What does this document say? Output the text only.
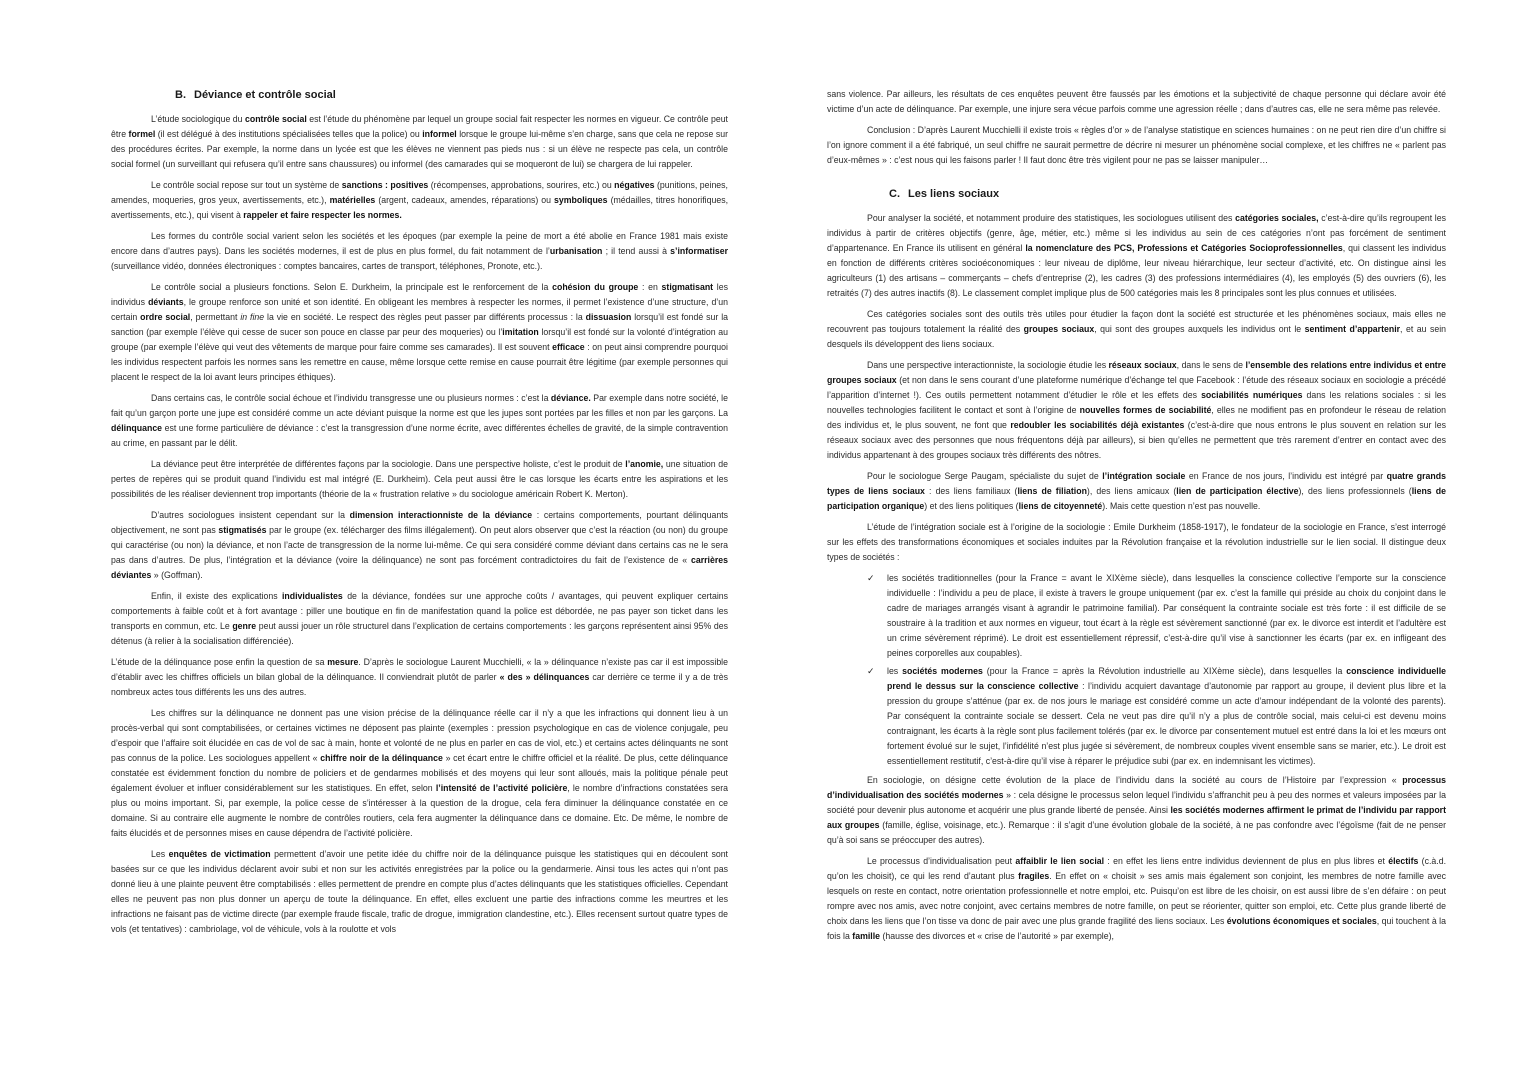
B. Déviance et contrôle social

L’étude sociologique du contrôle social est l’étude du phénomène par lequel un groupe social fait respecter les normes en vigueur. Ce contrôle peut être formel (il est délégué à des institutions spécialisées telles que la police) ou informel lorsque le groupe lui-même s’en charge, sans que cela ne repose sur des procédures écrites. Par exemple, la norme dans un lycée est que les élèves ne viennent pas pieds nus : si un élève ne respecte pas cela, un contrôle social formel (un surveillant qui refusera qu’il entre sans chaussures) ou informel (des camarades qui se moqueront de lui) se chargera de lui rappeler.

Le contrôle social repose sur tout un système de sanctions : positives (récompenses, approbations, sourires, etc.) ou négatives (punitions, peines, amendes, moqueries, gros yeux, avertissements, etc.), matérielles (argent, cadeaux, amendes, réparations) ou symboliques (médailles, titres honorifiques, avertissements, etc.), qui visent à rappeler et faire respecter les normes.

Les formes du contrôle social varient selon les sociétés et les époques (par exemple la peine de mort a été abolie en France 1981 mais existe encore dans d’autres pays). Dans les sociétés modernes, il est de plus en plus formel, du fait notamment de l’urbanisation ; il tend aussi à s’informatiser (surveillance vidéo, données électroniques : comptes bancaires, cartes de transport, téléphones, Pronote, etc.).

Le contrôle social a plusieurs fonctions. Selon E. Durkheim, la principale est le renforcement de la cohésion du groupe : en stigmatisant les individus déviants, le groupe renforce son unité et son identité. En obligeant les membres à respecter les normes, il permet l’existence d’une structure, d’un certain ordre social, permettant in fine la vie en société. Le respect des règles peut passer par différents processus : la dissuasion lorsqu’il est fondé sur la sanction (par exemple l’élève qui cesse de sucer son pouce en classe par peur des moqueries) ou l’imitation lorsqu’il est fondé sur la volonté d’intégration au groupe (par exemple l’élève qui veut des vêtements de marque pour faire comme ses camarades). Il est souvent efficace : on peut ainsi comprendre pourquoi les individus respectent parfois les normes sans les remettre en cause, même lorsque cette remise en cause pourrait être légitime (par exemple personnes qui placent le respect de la loi avant leurs principes éthiques).

Dans certains cas, le contrôle social échoue et l’individu transgresse une ou plusieurs normes : c’est la déviance. Par exemple dans notre société, le fait qu’un garçon porte une jupe est considéré comme un acte déviant puisque la norme est que les jupes sont portées par les filles et non par les garçons. La délinquance est une forme particulière de déviance : c’est la transgression d’une norme écrite, avec différentes échelles de gravité, de la simple contravention au crime, en passant par le délit.

La déviance peut être interprétée de différentes façons par la sociologie. Dans une perspective holiste, c’est le produit de l’anomie, une situation de pertes de repères qui se produit quand l’individu est mal intégré (E. Durkheim). Cela peut aussi être le cas lorsque les écarts entre les aspirations et les possibilités de les réaliser deviennent trop importants (théorie de la « frustration relative » du sociologue américain Robert K. Merton).

D’autres sociologues insistent cependant sur la dimension interactionniste de la déviance : certains comportements, pourtant délinquants objectivement, ne sont pas stigmatisés par le groupe (ex. télécharger des films illégalement). On peut alors observer que c’est la réaction (ou non) du groupe qui caractérise (ou non) la déviance, et non l’acte de transgression de la norme lui-même. Ce qui sera considéré comme déviant dans certains cas ne le sera pas dans d’autres. De plus, l’intégration et la déviance (voire la délinquance) ne sont pas forcément contradictoires du fait de l’existence de « carrières déviantes » (Goffman).

Enfin, il existe des explications individualistes de la déviance, fondées sur une approche coûts / avantages, qui peuvent expliquer certains comportements à faible coût et à fort avantage : piller une boutique en fin de manifestation quand la police est débordée, ne pas payer son ticket dans les transports en commun, etc. Le genre peut aussi jouer un rôle structurel dans l’explication de certains comportements : les garçons représentent ainsi 95% des détenus (à relier à la socialisation différenciée).

L’étude de la délinquance pose enfin la question de sa mesure. D’après le sociologue Laurent Mucchielli, « la » délinquance n’existe pas car il est impossible d’établir avec les chiffres officiels un bilan global de la délinquance. Il conviendrait plutôt de parler « des » délinquances car derrière ce terme il y a de très nombreux actes tous différents les uns des autres.

Les chiffres sur la délinquance ne donnent pas une vision précise de la délinquance réelle car il n’y a que les infractions qui donnent lieu à un procès-verbal qui sont comptabilisées, or certaines victimes ne déposent pas plainte (exemples : pression psychologique en cas de violence conjugale, peu d’espoir que l’affaire soit élucidée en cas de vol de sac à main, honte et volonté de ne plus en parler en cas de viol, etc.) et certains actes délinquants ne sont pas connus de la police. Les sociologues appellent « chiffre noir de la délinquance » cet écart entre le chiffre officiel et la réalité. De plus, cette délinquance constatée est évidemment fonction du nombre de policiers et de gendarmes mobilisés et des moyens qui leur sont alloués, mais la politique pénale peut également évoluer et influer considérablement sur les statistiques. En effet, selon l’intensité de l’activité policière, le nombre d’infractions constatées sera plus ou moins important. Si, par exemple, la police cesse de s’intéresser à la question de la drogue, cela fera diminuer la délinquance constatée en ce domaine. Si au contraire elle augmente le nombre de contrôles routiers, cela fera augmenter la délinquance dans ce domaine. Etc. De même, le nombre de faits élucidés et de personnes mises en cause dépendra de l’activité policière.

Les enquêtes de victimation permettent d’avoir une petite idée du chiffre noir de la délinquance puisque les statistiques qui en découlent sont basées sur ce que les individus déclarent avoir subi et non sur les activités enregistrées par la police ou la gendarmerie. Ainsi tous les actes qui n’ont pas donné lieu à une plainte peuvent être comptabilisés : elles permettent de prendre en compte plus d’actes délinquants que les statistiques officielles. Cependant elles ne peuvent pas non plus donner un aperçu de toute la délinquance. En effet, elles excluent une partie des infractions comme les meurtres et les infractions ne faisant pas de victime directe (par exemple fraude fiscale, trafic de drogue, immigration clandestine, etc.). Elles recensent surtout quatre types de vols (et tentatives) : cambriolage, vol de véhicule, vols à la roulotte et vols

sans violence. Par ailleurs, les résultats de ces enquêtes peuvent être faussés par les émotions et la subjectivité de chaque personne qui déclare avoir été victime d’un acte de délinquance. Par exemple, une injure sera vécue parfois comme une agression réelle ; dans d’autres cas, elle ne sera même pas relevée.

Conclusion : D’après Laurent Mucchielli il existe trois « règles d’or » de l’analyse statistique en sciences humaines : on ne peut rien dire d’un chiffre si l’on ignore comment il a été fabriqué, un seul chiffre ne saurait permettre de décrire ni mesurer un phénomène social complexe, et les chiffres ne « parlent pas d’eux-mêmes » : c’est nous qui les faisons parler ! Il faut donc être très vigilent pour ne pas se laisser manipuler…

C. Les liens sociaux

Pour analyser la société, et notamment produire des statistiques, les sociologues utilisent des catégories sociales, c’est-à-dire qu’ils regroupent les individus à partir de critères objectifs (genre, âge, métier, etc.) même si les individus au sein de ces catégories n’ont pas forcément de sentiment d’appartenance. En France ils utilisent en général la nomenclature des PCS, Professions et Catégories Socioprofessionnelles, qui classent les individus en fonction de différents critères socioéconomiques : leur niveau de diplôme, leur niveau hiérarchique, leur secteur d’activité, etc. On distingue ainsi les agriculteurs (1) des artisans – commerçants – chefs d’entreprise (2), les cadres (3) des professions intermédiaires (4), les employés (5) des ouvriers (6), les retraités (7) des autres inactifs (8). Le classement complet implique plus de 500 catégories mais les 8 principales sont les plus connues et utilisées.

Ces catégories sociales sont des outils très utiles pour étudier la façon dont la société est structurée et les phénomènes sociaux, mais elles ne recouvrent pas toujours totalement la réalité des groupes sociaux, qui sont des groupes auxquels les individus ont le sentiment d’appartenir, et au sein desquels ils développent des liens sociaux.

Dans une perspective interactionniste, la sociologie étudie les réseaux sociaux, dans le sens de l’ensemble des relations entre individus et entre groupes sociaux (et non dans le sens courant d’une plateforme numérique d’échange tel que Facebook : l’étude des réseaux sociaux en sociologie a précédé l’apparition d’internet !). Ces outils permettent notamment d’étudier le rôle et les effets des sociabilités numériques dans les relations sociales : si les nouvelles technologies facilitent le contact et sont à l’origine de nouvelles formes de sociabilité, elles ne modifient pas en profondeur le réseau de relation des individus et, le plus souvent, ne font que redoubler les sociabilités déjà existantes (c’est-à-dire que nous entrons le plus souvent en relation sur les réseaux sociaux avec des personnes que nous fréquentons déjà par ailleurs), si bien qu’elles ne permettent que très rarement d’entrer en contact avec des individus appartenant à des groupes sociaux très différents des nôtres.

Pour le sociologue Serge Paugam, spécialiste du sujet de l’intégration sociale en France de nos jours, l’individu est intégré par quatre grands types de liens sociaux : des liens familiaux (liens de filiation), des liens amicaux (lien de participation élective), des liens professionnels (liens de participation organique) et des liens politiques (liens de citoyenneté). Mais cette question n’est pas nouvelle.

L’étude de l’intégration sociale est à l’origine de la sociologie : Emile Durkheim (1858-1917), le fondateur de la sociologie en France, s’est interrogé sur les effets des transformations économiques et sociales induites par la Révolution française et la révolution industrielle sur le lien social. Il distingue deux types de sociétés :

✓ les sociétés traditionnelles (pour la France = avant le XIXème siècle), dans lesquelles la conscience collective l’emporte sur la conscience individuelle : l’individu a peu de place, il existe à travers le groupe uniquement (par ex. c’est la famille qui préside au choix du conjoint dans le cadre de mariages arrangés visant à agrandir le patrimoine familial). Par conséquent la contrainte sociale est très forte : il est difficile de se soustraire à la tradition et aux normes en vigueur, tout écart à la règle est sévèrement sanctionné (par ex. le divorce est interdit et l’adultère est un crime sévèrement réprimé). Le droit est essentiellement répressif, c’est-à-dire qu’il vise à sanctionner les écarts (par ex. en infligeant des peines corporelles aux coupables).
✓ les sociétés modernes (pour la France = après la Révolution industrielle au XIXème siècle), dans lesquelles la conscience individuelle prend le dessus sur la conscience collective : l’individu acquiert davantage d’autonomie par rapport au groupe, il devient plus libre et la pression du groupe s’atténue (par ex. de nos jours le mariage est considéré comme un acte d’amour indépendant de la volonté des parents). Par conséquent la contrainte sociale se dessert. Cela ne veut pas dire qu’il n’y a plus de contrôle social, mais celui-ci est devenu moins contraignant, les écarts à la règle sont plus facilement tolérés (par ex. le divorce par consentement mutuel est entré dans la loi et les mœurs ont fortement évolué sur le sujet, l’infidélité n’est plus jugée si sévèrement, de nombreux couples vivent ensemble sans se marier, etc.). Le droit est essentiellement restitutif, c’est-à-dire qu’il vise à réparer le préjudice subi (par ex. en indemnisant les victimes).

En sociologie, on désigne cette évolution de la place de l’individu dans la société au cours de l’Histoire par l’expression « processus d’individualisation des sociétés modernes » : cela désigne le processus selon lequel l’individu s’affranchit peu à peu des normes et valeurs imposées par la société pour devenir plus autonome et acquérir une plus grande liberté de pensée. Ainsi les sociétés modernes affirment le primat de l’individu par rapport aux groupes (famille, église, voisinage, etc.). Remarque : il s’agit d’une évolution globale de la société, à ne pas confondre avec l’égoïsme (fait de ne penser qu’à soi sans se préoccuper des autres).

Le processus d’individualisation peut affaiblir le lien social : en effet les liens entre individus deviennent de plus en plus libres et électifs (c.à.d. qu’on les choisit), ce qui les rend d’autant plus fragiles. En effet on « choisit » ses amis mais également son conjoint, les membres de notre famille avec lesquels on reste en contact, notre orientation professionnelle et notre emploi, etc. Puisqu’on est libre de les choisir, on est aussi libre de s’en défaire : on peut rompre avec nos amis, avec notre conjoint, avec certains membres de notre famille, on peut se réorienter, quitter son emploi, etc. Cette plus grande liberté de choix dans les liens que l’on tisse va donc de pair avec une plus grande fragilité des liens sociaux. Les évolutions économiques et sociales, qui touchent à la fois la famille (hausse des divorces et « crise de l’autorité » par exemple),
